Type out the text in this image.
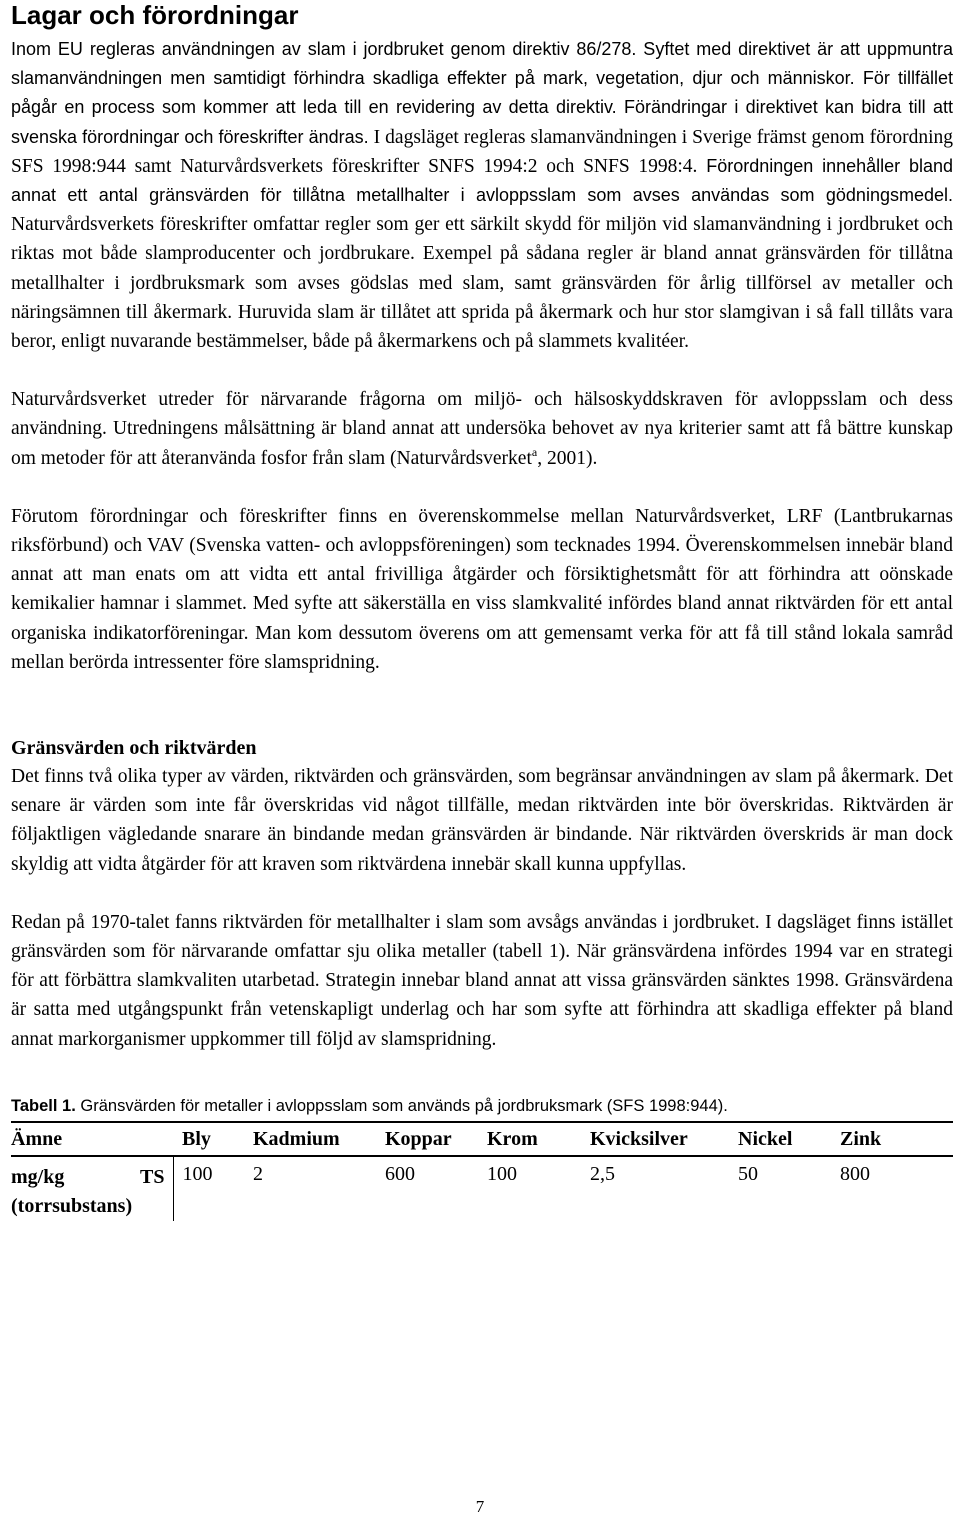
Lagar och förordningar

Inom EU regleras användningen av slam i jordbruket genom direktiv 86/278. Syftet med direktivet är att uppmuntra slamanvändningen men samtidigt förhindra skadliga effekter på mark, vegetation, djur och människor. För tillfället pågår en process som kommer att leda till en revidering av detta direktiv. Förändringar i direktivet kan bidra till att svenska förordningar och föreskrifter ändras. I dagsläget regleras slamanvändningen i Sverige främst genom förordning SFS 1998:944 samt Naturvårdsverkets föreskrifter SNFS 1994:2 och SNFS 1998:4. Förordningen innehåller bland annat ett antal gränsvärden för tillåtna metallhalter i avloppsslam som avses användas som gödningsmedel. Naturvårdsverkets föreskrifter omfattar regler som ger ett särkilt skydd för miljön vid slamanvändning i jordbruket och riktas mot både slamproducenter och jordbrukare. Exempel på sådana regler är bland annat gränsvärden för tillåtna metallhalter i jordbruksmark som avses gödslas med slam, samt gränsvärden för årlig tillförsel av metaller och näringsämnen till åkermark. Huruvida slam är tillåtet att sprida på åkermark och hur stor slamgivan i så fall tillåts vara beror, enligt nuvarande bestämmelser, både på åkermarkens och på slammets kvalitéer.

Naturvårdsverket utreder för närvarande frågorna om miljö- och hälsoskyddskraven för avloppsslam och dess användning. Utredningens målsättning är bland annat att undersöka behovet av nya kriterier samt att få bättre kunskap om metoder för att återanvända fosfor från slam (Naturvårdsverket$^a$, 2001).

Förutom förordningar och föreskrifter finns en överenskommelse mellan Naturvårdsverket, LRF (Lantbrukarnas riksförbund) och VAV (Svenska vatten- och avloppsföreningen) som tecknades 1994. Överenskommelsen innebär bland annat att man enats om att vidta ett antal frivilliga åtgärder och försiktighetsmått för att förhindra att oönskade kemikalier hamnar i slammet. Med syfte att säkerställa en viss slamkvalité infördes bland annat riktvärden för ett antal organiska indikatorföreningar. Man kom dessutom överens om att gemensamt verka för att få till stånd lokala samråd mellan berörda intressenter före slamspridning.

Gränsvärden och riktvärden

Det finns två olika typer av värden, riktvärden och gränsvärden, som begränsar användningen av slam på åkermark. Det senare är värden som inte får överskridas vid något tillfälle, medan riktvärden inte bör överskridas. Riktvärden är följaktligen vägledande snarare än bindande medan gränsvärden är bindande. När riktvärden överskrids är man dock skyldig att vidta åtgärder för att kraven som riktvärdena innebär skall kunna uppfyllas.

Redan på 1970-talet fanns riktvärden för metallhalter i slam som avsågs användas i jordbruket. I dagsläget finns istället gränsvärden som för närvarande omfattar sju olika metaller (tabell 1). När gränsvärdena infördes 1994 var en strategi för att förbättra slamkvaliten utarbetad. Strategin innebar bland annat att vissa gränsvärden sänktes 1998. Gränsvärdena är satta med utgångspunkt från vetenskapligt underlag och har som syfte att förhindra att skadliga effekter på bland annat markorganismer uppkommer till följd av slamspridning.

Tabell 1. Gränsvärden för metaller i avloppsslam som används på jordbruksmark (SFS 1998:944).

Ämne	Bly	Kadmium	Koppar	Krom	Kvicksilver	Nickel	Zink

mg/kg TS
(torrsubstans)	100	2	600	100	2,5	50	800
7
